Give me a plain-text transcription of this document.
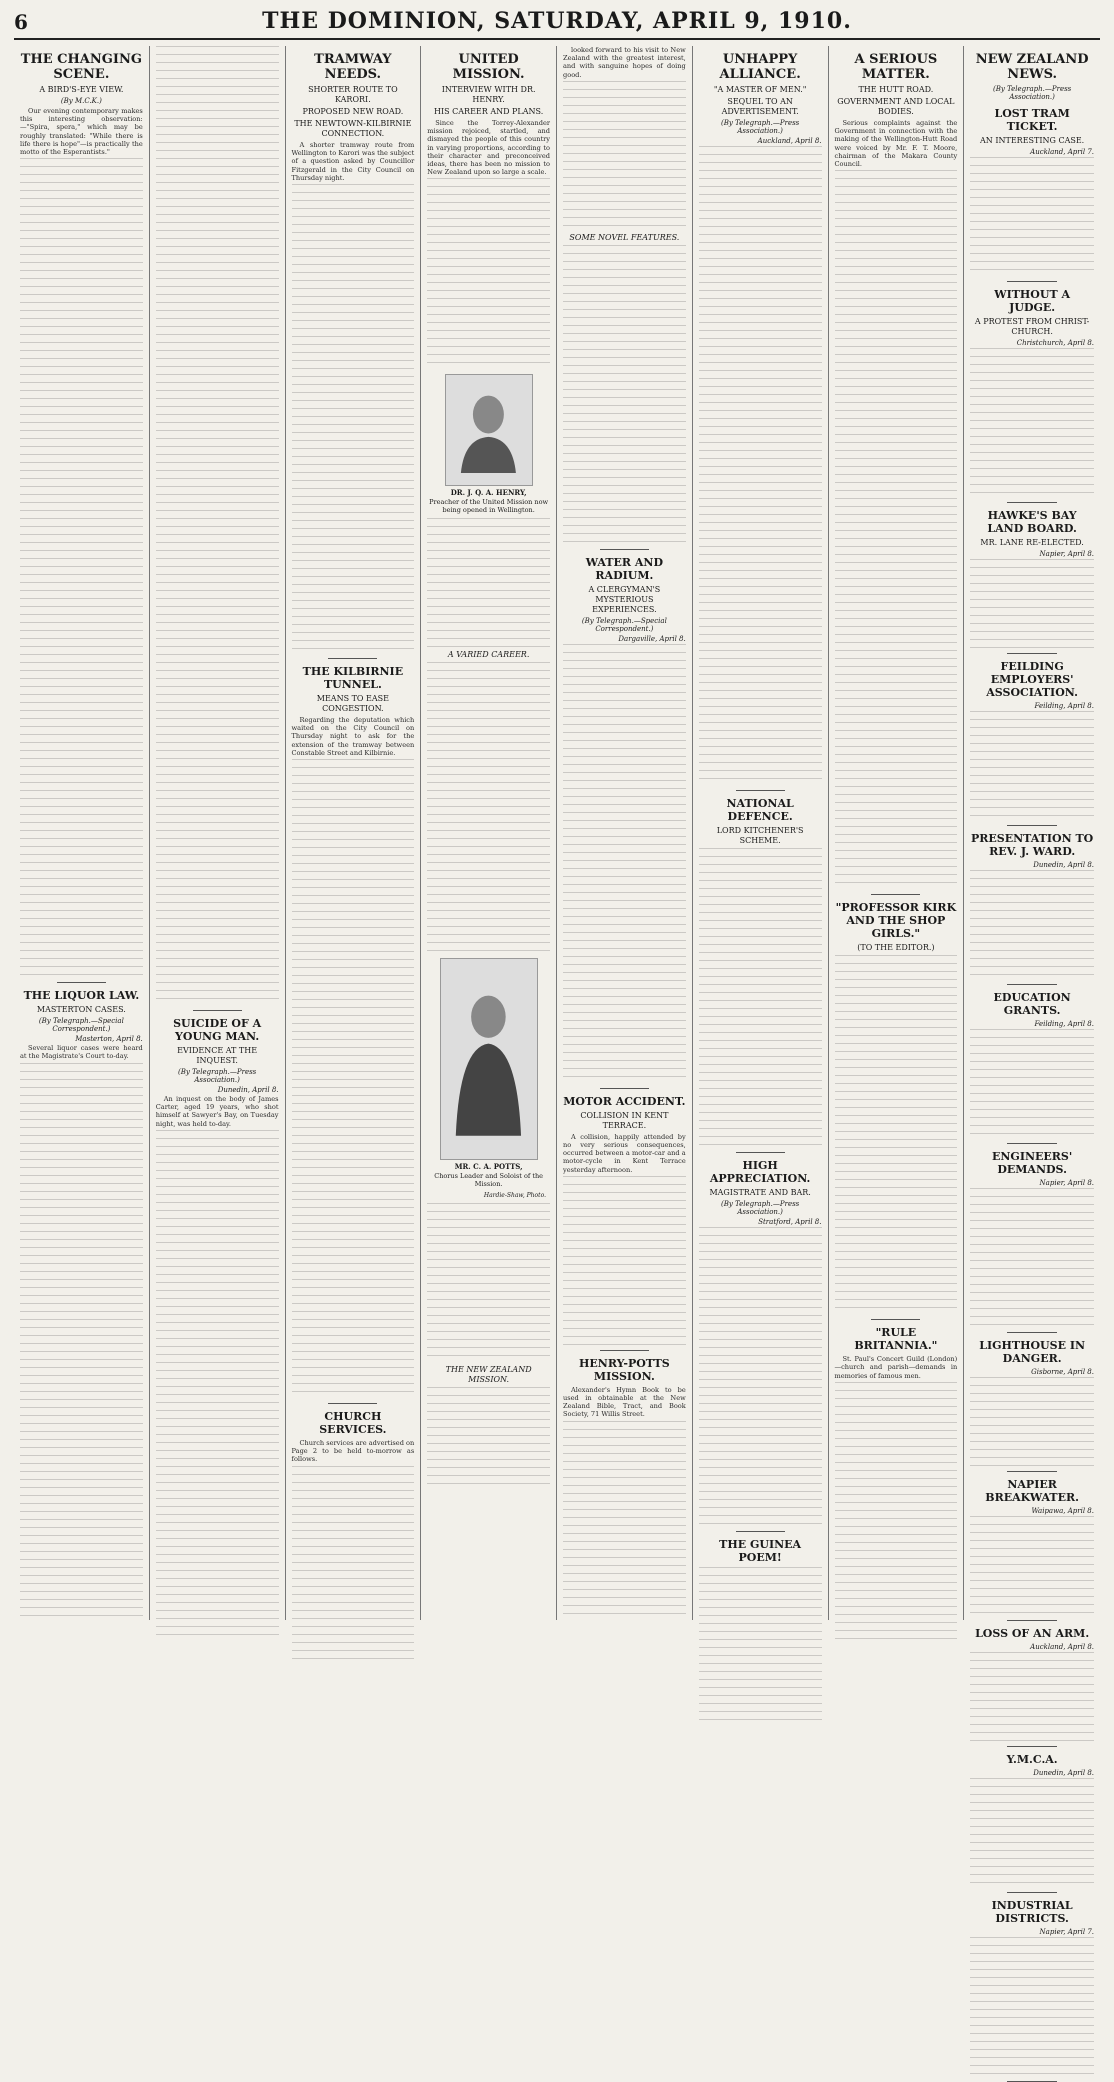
6	THE DOMINION, SATURDAY, APRIL 9, 1910.
THE CHANGING SCENE.
A BIRD'S-EYE VIEW.
(By M.C.K.)

Our evening contemporary makes this interesting observation:—"Spira, spera," which may be roughly translated: "While there is life there is hope"—is practically the motto of the Esperantists."

THE LIQUOR LAW.
MASTERTON CASES.
(By Telegraph.—Special Correspondent.)
Masterton, April 8.

Several liquor cases were heard at the Magistrate's Court to-day.

SUICIDE OF A YOUNG MAN.
EVIDENCE AT THE INQUEST.
(By Telegraph.—Press Association.)
Dunedin, April 8.

An inquest on the body of James Carter, aged 19 years, who shot himself at Sawyer's Bay, on Tuesday night, was held to-day.

TRAMWAY NEEDS.
SHORTER ROUTE TO KARORI.
PROPOSED NEW ROAD.
THE NEWTOWN-KILBIRNIE CONNECTION.

A shorter tramway route from Wellington to Karori was the subject of a question asked by Councillor Fitzgerald in the City Council on Thursday night.

THE KILBIRNIE TUNNEL.
MEANS TO EASE CONGESTION.

Regarding the deputation which waited on the City Council on Thursday night to ask for the extension of the tramway between Constable Street and Kilbirnie.

CHURCH SERVICES.

Church services are advertised on Page 2 to be held to-morrow as follows.

UNITED MISSION.
INTERVIEW WITH DR. HENRY.
HIS CAREER AND PLANS.

Since the Torrey-Alexander mission rejoiced, startled, and dismayed the people of this country in varying proportions, according to their character and preconceived ideas, there has been no mission to New Zealand upon so large a scale.

DR. J. Q. A. HENRY,
Preacher of the United Mission now being opened in Wellington.
A VARIED CAREER.
MR. C. A. POTTS,
Chorus Leader and Soloist of the Mission.
Hardie-Shaw, Photo.
THE NEW ZEALAND MISSION.

looked forward to his visit to New Zealand with the greatest interest, and with sanguine hopes of doing good.

SOME NOVEL FEATURES.
WATER AND RADIUM.
A CLERGYMAN'S MYSTERIOUS EXPERIENCES.
(By Telegraph.—Special Correspondent.)
Dargaville, April 8.
MOTOR ACCIDENT.
COLLISION IN KENT TERRACE.

A collision, happily attended by no very serious consequences, occurred between a motor-car and a motor-cycle in Kent Terrace yesterday afternoon.

HENRY-POTTS MISSION.

Alexander's Hymn Book to be used in obtainable at the New Zealand Bible, Tract, and Book Society, 71 Willis Street.

UNHAPPY ALLIANCE.
"A MASTER OF MEN."
SEQUEL TO AN ADVERTISEMENT.
(By Telegraph.—Press Association.)
Auckland, April 8.
NATIONAL DEFENCE.
LORD KITCHENER'S SCHEME.
HIGH APPRECIATION.
MAGISTRATE AND BAR.
(By Telegraph.—Press Association.)
Stratford, April 8.
THE GUINEA POEM!
A SERIOUS MATTER.
THE HUTT ROAD.
GOVERNMENT AND LOCAL BODIES.

Serious complaints against the Government in connection with the making of the Wellington-Hutt Road were voiced by Mr. F. T. Moore, chairman of the Makara County Council.

"PROFESSOR KIRK AND THE SHOP GIRLS."
(TO THE EDITOR.)
"RULE BRITANNIA."

St. Paul's Concert Guild (London)—church and parish—demands in memories of famous men.

NEW ZEALAND NEWS.
(By Telegraph.—Press Association.)
LOST TRAM TICKET.
AN INTERESTING CASE.
Auckland, April 7.
WITHOUT A JUDGE.
A PROTEST FROM CHRIST-CHURCH.
Christchurch, April 8.
HAWKE'S BAY LAND BOARD.
MR. LANE RE-ELECTED.
Napier, April 8.
FEILDING EMPLOYERS' ASSOCIATION.
Feilding, April 8.
PRESENTATION TO REV. J. WARD.
Dunedin, April 8.
EDUCATION GRANTS.
Feilding, April 8.
ENGINEERS' DEMANDS.
Napier, April 8.
LIGHTHOUSE IN DANGER.
Gisborne, April 8.
NAPIER BREAKWATER.
Waipawa, April 8.
LOSS OF AN ARM.
Auckland, April 8.
Y.M.C.A.
Dunedin, April 8.
INDUSTRIAL DISTRICTS.
Napier, April 7.
